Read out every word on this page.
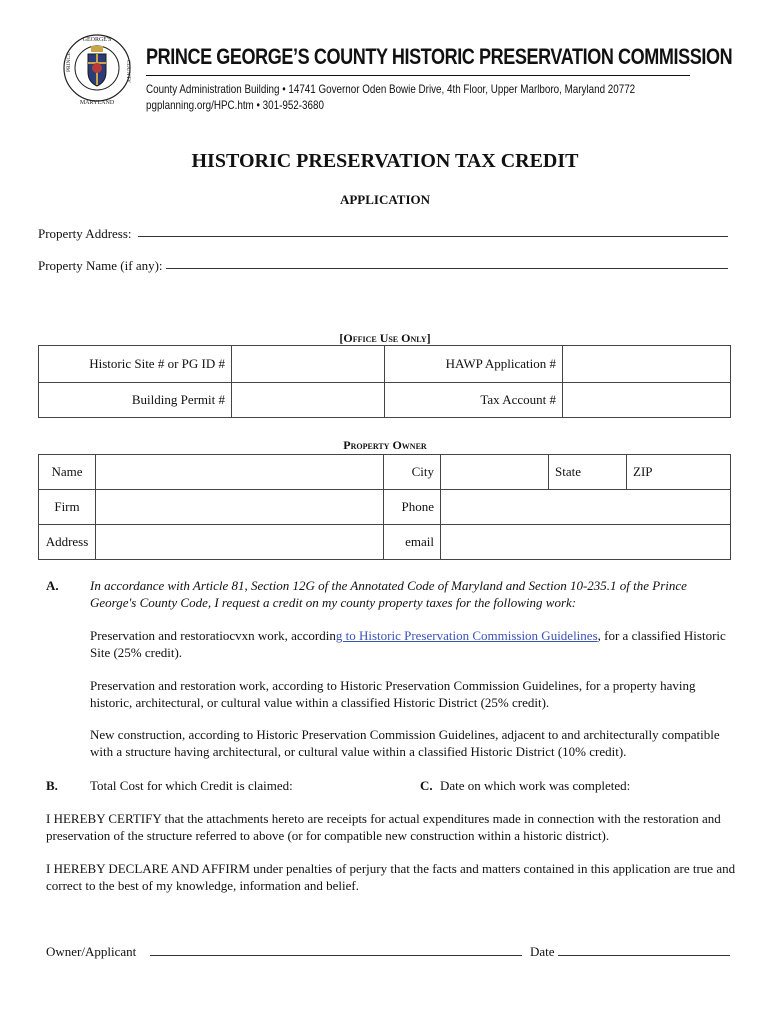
GEORGE'S
MARYLAND
PRINCE	COUNTY
PRINCE GEORGE’S COUNTY HISTORIC PRESERVATION COMMISSION
County Administration Building • 14741 Governor Oden Bowie Drive, 4th Floor, Upper Marlboro, Maryland 20772
pgplanning.org/HPC.htm • 301-952-3680
HISTORIC PRESERVATION TAX CREDIT
APPLICATION
Property Address:
Property Name (if any):
[Office Use Only]
Historic Site # or PG ID #		HAWP Application #	
Building Permit #		Tax Account #	
Property Owner
Name		City		State	ZIP
Firm		Phone			
Address		email			
A. In accordance with Article 81, Section 12G of the Annotated Code of Maryland and Section 10-235.1 of the Prince George's County Code, I request a credit on my county property taxes for the following work:
Preservation and restoratiocvxn work, according to Historic Preservation Commission Guidelines, for a classified Historic Site (25% credit).
Preservation and restoration work, according to Historic Preservation Commission Guidelines, for a property having historic, architectural, or cultural value within a classified Historic District (25% credit).
New construction, according to Historic Preservation Commission Guidelines, adjacent to and architecturally compatible with a structure having architectural, or cultural value within a classified Historic District (10% credit).
B. Total Cost for which Credit is claimed:	C. Date on which work was completed:
I HEREBY CERTIFY that the attachments hereto are receipts for actual expenditures made in connection with the restoration and preservation of the structure referred to above (or for compatible new construction within a historic district).
I HEREBY DECLARE AND AFFIRM under penalties of perjury that the facts and matters contained in this application are true and correct to the best of my knowledge, information and belief.
Owner/Applicant	Date
